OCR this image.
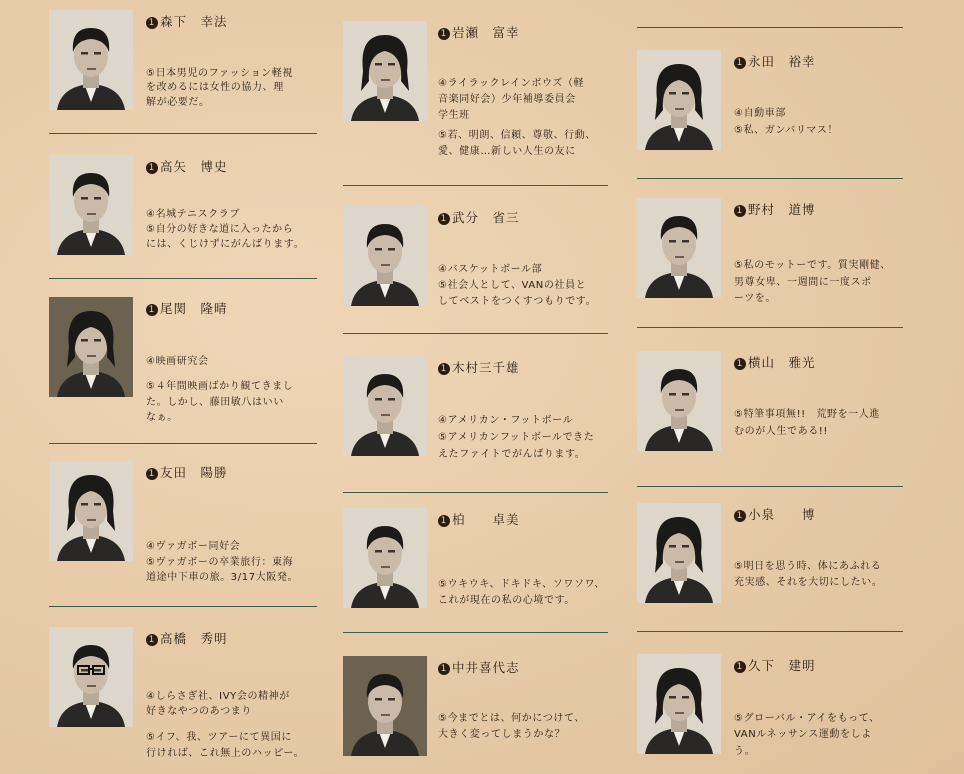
1 森下　幸法
⑤日本男児のファッション軽視
を改めるには女性の協力、理
解が必要だ。
1 高矢　博史
④名城テニスクラブ
⑤自分の好きな道に入ったから
には、くじけずにがんばります。
1 尾関　隆晴
④映画研究会
⑤４年間映画ばかり観てきまし
た。しかし、藤田敏八はいい
なぁ。
1 友田　陽勝
④ヴァガボー同好会
⑤ヴァガボーの卒業旅行：東海
道途中下車の旅。3/17大阪発。
1 高橋　秀明
④しらさぎ社、IVY会の精神が
好きなやつのあつまり
⑤イフ、我、ツアーにて異国に
行ければ、これ無上のハッピー。
1 岩瀬　富幸
④ライラックレインボウズ（軽
音楽同好会）少年補導委員会
学生班
⑤若、明朗、信頼、尊敬、行動、
愛、健康…新しい人生の友に
1 武分　省三
④バスケットボール部
⑤社会人として、VANの社員と
してベストをつくすつもりです。
1 木村三千雄
④アメリカン・フットボール
⑤アメリカンフットボールできた
えたファイトでがんばります。
1 柏　　卓美
⑤ウキウキ、ドキドキ、ソワソワ、
これが現在の私の心境です。
1 中井喜代志
⑤今までとは、何かにつけて、
大きく変ってしまうかな？
1 永田　裕幸
④自動車部
⑤私、ガンバリマス！
1 野村　道博
⑤私のモットーです。質実剛健、
男尊女卑、一週間に一度スポ
ーツを。
1 横山　雅光
⑤特筆事項無!!　荒野を一人進
むのが人生である!!
1 小泉　　博
⑤明日を思う時、体にあふれる
充実感、それを大切にしたい。
1 久下　建明
⑤グローバル・アイをもって、
VANルネッサンス運動をしよ
う。
